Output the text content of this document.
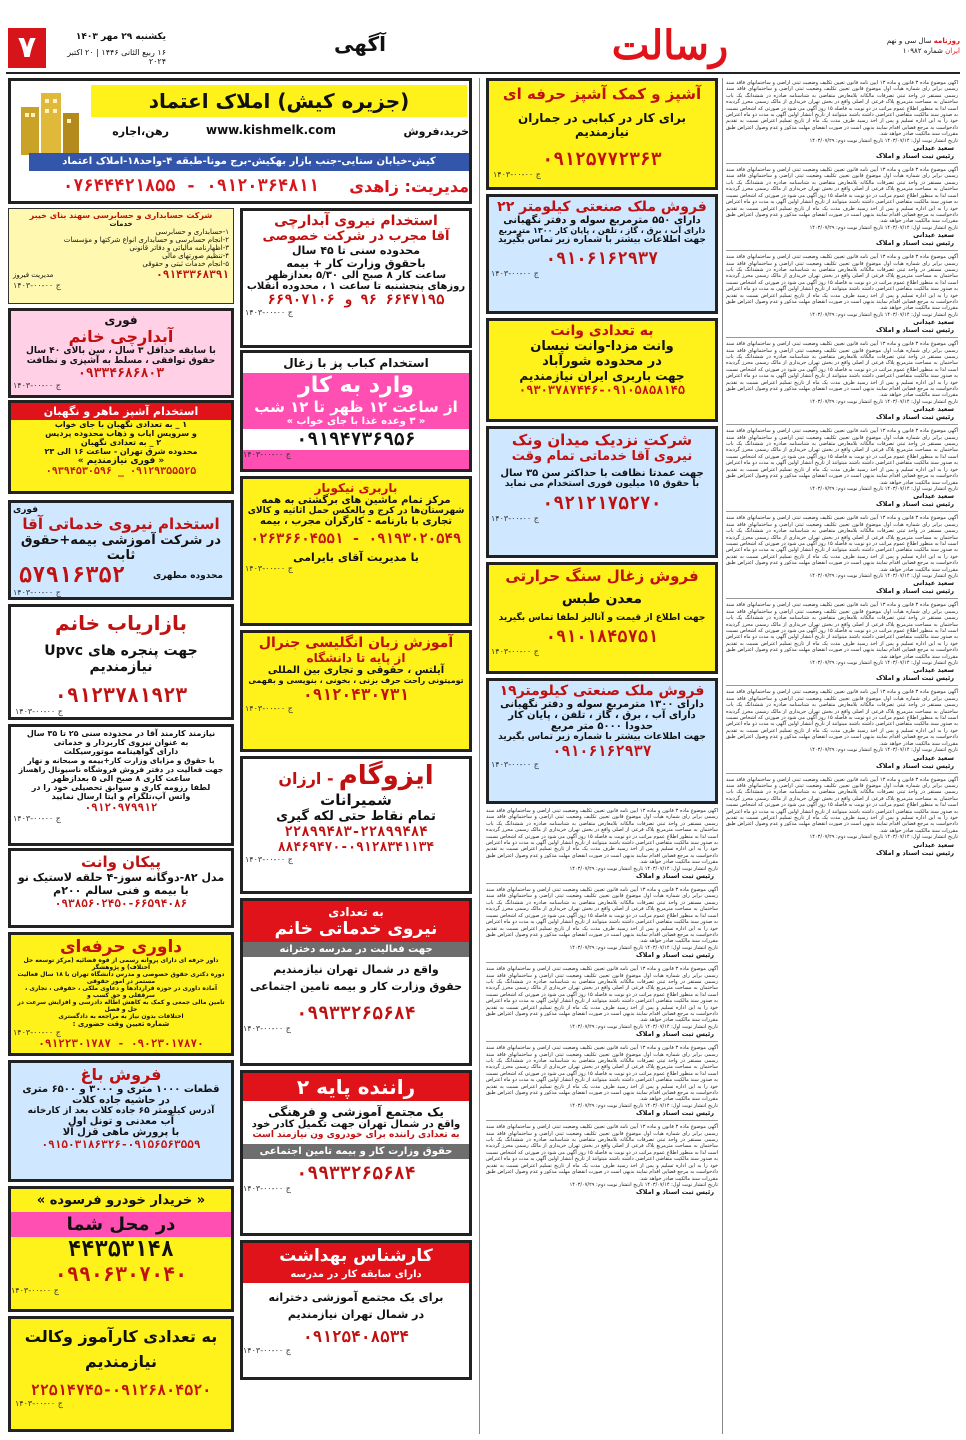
۷	یکشنبه ۲۹ مهر ۱۴۰۳
۱۶ ربیع الثانی ۱۴۴۶ | ۲۰ اکتبر ۲۰۲۴
آگهی	رسالت	روزنامه سال سی و نهم
ایران شماره ۱۰۹۸۲
(جزیره کیش) املاک اعتماد
خرید،فروش
www.kishmelk.com
رهن،اجاره
کیش-خیابان سنایی-جنب بازار بهکیش-برج مونا-طبقه ۴-واحد۱۸-املاک اعتماد
مدیریت: زاهدی
۰۹۱۲۰۳۶۴۸۱۱ - ۰۷۶۴۴۴۲۱۸۵۵
شرکت حسابداری و حسابرسی سهند بنای خیبر
خدمات
۱-حسابداری و حسابرسی
۲-انجام حسابرسی و حسابداری انواع شرکتها و مؤسسات
۳-اظهارنامه مالیاتی و دفاتر قانونی
۴-تنظیم صورتهای مالی
۵-انجام خدمات ثبتی و حقوقی
۰۹۱۴۳۳۶۸۳۹۱
مدیریت فیروز
ج ۰۰-۰۰-۱۴۰۳
فوری
آبدارچی خانم
با سابقه حداقل ۳ سال ، سن بالای ۴۰ سال
حقوق توافقی ، مسلط به آشپزی و نظافت
۰۹۳۳۴۶۸۶۸۰۳
ج ۰۰-۰۰-۱۴۰۳
استخدام آشپز ماهر و نگهبان
۱ _ به تعدادی نگهبان با جای خواب
و سرویس ایاب و ذهاب محدوده پردیس
۲ _ به تعدادی نگهبان
محدوده شرق تهران - ساعت ۱۶ الی ۲۳
« فوری نیازمندیم »
۰۹۱۲۹۳۵۵۵۲۵ _ ۰۹۳۹۴۵۳۰۵۹۶
فوری
استخدام نیروی خدماتی آقا
در شرکت آموزشی بیمه+حقوق ثابت
محدوده مطهری
۵۷۹۱۶۳۵۲
ج ۰۰-۰۰-۱۴۰۳
بازاریاب خانم
جهت پنجره های Upvc نیازمندیم
۰۹۱۲۳۷۸۱۹۲۳
ج ۰۰-۰۰-۱۴۰۳
نیازمند کارمند آقا در محدوده سنی ۲۵ تا ۳۵ سال
به عنوان نیروی کاربردار و خدماتی
دارای گواهینامه موتورسیکلت
با حقوق و مزایای وزارت کار+بیمه و صبحانه و نهار
جهت فعالیت در دفتر فروش فروشگاه ناسیونال راهساز
ساعت کاری ۸ صبح الی ۵ بعدازظهر
لطفا رزومه کاری و سوابق تحصیلی خود را در
واتس آپ،تلگرام و ایتا ارسال نمایید
۰۹۱۲۰۹۷۹۹۱۲
ج ۰۰-۰۰-۱۴۰۳
پیکان وانت
مدل ۸۲-دوگانه سوز-۴ حلقه لاستیک نو
با بیمه و فنی سالم ۲۰۰م
۰۹۳۸۵۶۰۲۴۵۰-۶۶۵۹۴۰۸۶
داوری حرفه‌ای
داور حرفه ای دارای پروانه رسمی از قوه قضائیه (مرکز توسعه حل اختلاف) و پژوهشگر
دوره دکتری حقوق خصوصی و مدرس دانشگاه تهران با ۱۸ سال فعالیت مستمر در امور حقوقی
آماده داوری در حوزه قراردادها و دعاوی ملکی ، حقوقی ، تجاری ، سرقفلی و حق کسب و
تامین مالی جمعی و کمک به کاهش اطاله دادرسی و افزایش سرعت در حل و فصل
اختلافات بدون نیاز به مراجعه به دادگستری
شماره تعیین وقت حضوری :
ج ۰۰-۰۰-۱۴۰۳
۰۹۰۲۳۰۱۷۸۷۰ - ۰۹۱۲۲۳۰۱۷۸۷
فروش باغ
قطعات ۱۰۰۰ متری و ۳۰۰۰ و ۶۵۰۰ متری
در حاشیه جاده کلات
آدرس کیلومتر ۶۵ جاده کلات بعد از کارخانه
آب معدنی و تونل اول
با پرورش ماهی قزل آلا
۰۹۱۵۰۳۱۸۶۳۲۶-۰۹۱۵۶۵۶۳۵۵۹
« خریدار خودرو فرسوده »
در محل شما
۴۴۳۵۳۱۴۸
۰۹۹۰۶۳۰۷۰۴۰
ج ۰۰-۰۰-۱۴۰۳
به تعدادی کارآموز وکالت
نیازمندیم
۲۲۵۱۴۷۴۵-۰۹۱۲۶۸۰۴۵۲۰
ج ۰۰-۰۰-۱۴۰۳
استخدام نیروی آبدارچی
آقا مجرب در شرکت خصوصی
محدوده سنی تا ۴۵ سال
باحقوق وزارت کار + بیمه
ساعت کار ۸ صبح الی ۵/۳۰ بعدازظهر
روزهای پنجشنبه تا ساعت ۱ ، محدوده انقلاب
۶۶۴۷۱۹۵ ۹۶ و ۶۶۹۰۷۱۰۶
ج ۰۰-۰۰-۱۴۰۳
استخدام کباب پز با زغال
وارد به کار
از ساعت ۱۲ ظهر تا ۱۲ شب
« ۳ وعده غذا با جای خواب »
۰۹۱۹۴۷۳۶۹۵۶
ج ۰۰-۰۰-۱۴۰۳
باربری نیکوبار
مرکز تمام ماشین های برگشتی به همه
شهرستان‌ها در کرج و بالعکس حمل اثاثیه و کالای
تجاری با بارنامه - کارگران مجرب ، بیمه
۰۹۱۹۳۰۲۰۵۴۹ - ۰۲۶۳۶۶۰۴۵۵۱
با مدیریت آقای بایرامی
ج ۰۰-۰۰-۱۴۰۳
آموزش زبان انگلیسی جنرال
از پایه تا دانشگاه
آیلتس ، حقوقی و تجاری بین المللی
تومیتونی راحت حرف بزنی ، بخونی ، بنویسی و بفهمی
۰۹۱۲۰۴۳۰۷۳۱
ج ۰۰-۰۰-۱۴۰۳
ایزوگام - ارزان
شمیرانات
تمام نقاط حتی لکه گیری
۲۲۸۹۹۴۸۳-۲۲۸۹۹۴۸۴
۸۸۴۶۹۴۷۰-۰۹۱۲۸۳۴۱۱۳۴
ج ۰۰-۰۰-۱۴۰۳
به تعدادی
نیروی خدماتی خانم
جهت فعالیت در مدرسه دخترانه
واقع در شمال تهران نیازمندیم
حقوق وزارت کار و بیمه تامین اجتماعی
۰۹۹۳۳۲۶۵۶۸۴
ج ۰۰-۰۰-۱۴۰۳
راننده پایه ۲
یک مجتمع آموزشی و فرهنگی
واقع در شمال تهران جهت تکمیل کادر خود
به تعدادی راننده برای خودروی ون نیازمند است
حقوق وزارت کار و بیمه تامین اجتماعی
۰۹۹۳۳۲۶۵۶۸۴
ج ۰۰-۰۰-۱۴۰۳
کارشناس بهداشت
دارای سابقه کار در مدرسه
برای یک مجتمع آموزشی دخترانه
در شمال تهران نیازمندیم
۰۹۱۲۵۴۰۸۵۳۴
ج ۰۰-۰۰-۱۴۰۳
آشپز و کمک آشپز حرفه ای
برای کار در کبابی در جماران نیازمندیم
۰۹۱۲۵۷۷۲۳۶۳
ج ۰۰-۰۰-۱۴۰۳
فروش ملک صنعتی کیلومتر ۲۲
دارای ۵۵۰ مترمربع سوله و دفتر نگهبانی
دارای آب ، برق ، گاز ، تلفن ، پایان کار ۱۳۰۰ مترمربع
جهت اطلاعات بیشتر با شماره زیر تماس بگیرید
۰۹۱۰۶۱۶۲۹۳۷
ج ۰۰-۰۰-۱۴۰۳
به تعدادی وانت
وانت مزدا-وانت نیسان
در محدوده شورآباد
جهت باربری ایران نیازمندیم
۰۹۳۰۳۷۸۷۴۴۶-۰۹۱۰۵۸۵۸۱۴۵
شرکت نزدیک میدان ونک
نیروی آقا خدماتی تمام وقت
جهت عمدتا نظافت با حداکثر سن ۳۵ سال
با حقوق ۱۵ میلیون فوری استخدام می نماید
۰۹۲۱۲۱۷۵۲۷۰
ج ۰۰-۰۰-۱۴۰۳
فروش زغال سنگ حرارتی
معدن طبس
جهت اطلاع از قیمت و آنالیز لطفا تماس بگیرید
۰۹۱۰۱۸۴۵۷۵۱
ج ۰۰-۰۰-۱۴۰۳
فروش ملک صنعتی کیلومتر۱۹
دارای ۱۳۰۰ مترمربع سوله و دفتر نگهبانی
دارای آب ، برق ، گاز ، تلفن ، پایان کار
حدودا ۵۰۰۰ متر مربع
جهت اطلاعات بیشتر با شماره زیر تماس بگیرید
۰۹۱۰۶۱۶۲۹۳۷
ج ۰۰-۰۰-۱۴۰۳
آگهی موضوع ماده ۳ قانون و ماده ۱۳ آیین نامه قانون تعیین تکلیف وضعیت ثبتی اراضی و ساختمانهای فاقد سند رسمی برابر رای شماره هیات اول موضوع قانون تعیین تکلیف وضعیت ثبتی اراضی و ساختمانهای فاقد سند رسمی مستقر در واحد ثبتی تصرفات مالکانه بلامعارض متقاضی به شناسنامه صادره در ششدانگ یک باب ساختمان به مساحت مترمربع پلاک فرعی از اصلی واقع در بخش تهران خریداری از مالک رسمی محرز گردیده است لذا به منظور اطلاع عموم مراتب در دو نوبت به فاصله ۱۵ روز آگهی می شود در صورتی که اشخاص نسبت به صدور سند مالکیت متقاضی اعتراضی داشته باشند میتوانند از تاریخ انتشار اولین آگهی به مدت دو ماه اعتراض خود را به این اداره تسلیم و پس از اخذ رسید ظرف مدت یک ماه از تاریخ تسلیم اعتراض نسبت به تقدیم دادخواست به مرجع قضایی اقدام نمایند بدیهی است در صورت انقضای مهلت مذکور و عدم وصول اعتراض طبق مقررات سند مالکیت صادر خواهد شد.
تاریخ انتشار نوبت اول: ۱۴۰۳/۰۷/۱۴ تاریخ انتشار نوبت دوم: ۱۴۰۳/۰۷/۲۹
رئیس ثبت اسناد و املاک
آگهی موضوع ماده ۳ قانون و ماده ۱۳ آیین نامه قانون تعیین تکلیف وضعیت ثبتی اراضی و ساختمانهای فاقد سند رسمی برابر رای شماره هیات اول موضوع قانون تعیین تکلیف وضعیت ثبتی اراضی و ساختمانهای فاقد سند رسمی مستقر در واحد ثبتی تصرفات مالکانه بلامعارض متقاضی به شناسنامه صادره در ششدانگ یک باب ساختمان به مساحت مترمربع پلاک فرعی از اصلی واقع در بخش تهران خریداری از مالک رسمی محرز گردیده است لذا به منظور اطلاع عموم مراتب در دو نوبت به فاصله ۱۵ روز آگهی می شود در صورتی که اشخاص نسبت به صدور سند مالکیت متقاضی اعتراضی داشته باشند میتوانند از تاریخ انتشار اولین آگهی به مدت دو ماه اعتراض خود را به این اداره تسلیم و پس از اخذ رسید ظرف مدت یک ماه از تاریخ تسلیم اعتراض نسبت به تقدیم دادخواست به مرجع قضایی اقدام نمایند بدیهی است در صورت انقضای مهلت مذکور و عدم وصول اعتراض طبق مقررات سند مالکیت صادر خواهد شد.
تاریخ انتشار نوبت اول: ۱۴۰۳/۰۷/۱۴ تاریخ انتشار نوبت دوم: ۱۴۰۳/۰۷/۲۹
رئیس ثبت اسناد و املاک
آگهی موضوع ماده ۳ قانون و ماده ۱۳ آیین نامه قانون تعیین تکلیف وضعیت ثبتی اراضی و ساختمانهای فاقد سند رسمی برابر رای شماره هیات اول موضوع قانون تعیین تکلیف وضعیت ثبتی اراضی و ساختمانهای فاقد سند رسمی مستقر در واحد ثبتی تصرفات مالکانه بلامعارض متقاضی به شناسنامه صادره در ششدانگ یک باب ساختمان به مساحت مترمربع پلاک فرعی از اصلی واقع در بخش تهران خریداری از مالک رسمی محرز گردیده است لذا به منظور اطلاع عموم مراتب در دو نوبت به فاصله ۱۵ روز آگهی می شود در صورتی که اشخاص نسبت به صدور سند مالکیت متقاضی اعتراضی داشته باشند میتوانند از تاریخ انتشار اولین آگهی به مدت دو ماه اعتراض خود را به این اداره تسلیم و پس از اخذ رسید ظرف مدت یک ماه از تاریخ تسلیم اعتراض نسبت به تقدیم دادخواست به مرجع قضایی اقدام نمایند بدیهی است در صورت انقضای مهلت مذکور و عدم وصول اعتراض طبق مقررات سند مالکیت صادر خواهد شد.
تاریخ انتشار نوبت اول: ۱۴۰۳/۰۷/۱۴ تاریخ انتشار نوبت دوم: ۱۴۰۳/۰۷/۲۹
رئیس ثبت اسناد و املاک
آگهی موضوع ماده ۳ قانون و ماده ۱۳ آیین نامه قانون تعیین تکلیف وضعیت ثبتی اراضی و ساختمانهای فاقد سند رسمی برابر رای شماره هیات اول موضوع قانون تعیین تکلیف وضعیت ثبتی اراضی و ساختمانهای فاقد سند رسمی مستقر در واحد ثبتی تصرفات مالکانه بلامعارض متقاضی به شناسنامه صادره در ششدانگ یک باب ساختمان به مساحت مترمربع پلاک فرعی از اصلی واقع در بخش تهران خریداری از مالک رسمی محرز گردیده است لذا به منظور اطلاع عموم مراتب در دو نوبت به فاصله ۱۵ روز آگهی می شود در صورتی که اشخاص نسبت به صدور سند مالکیت متقاضی اعتراضی داشته باشند میتوانند از تاریخ انتشار اولین آگهی به مدت دو ماه اعتراض خود را به این اداره تسلیم و پس از اخذ رسید ظرف مدت یک ماه از تاریخ تسلیم اعتراض نسبت به تقدیم دادخواست به مرجع قضایی اقدام نمایند بدیهی است در صورت انقضای مهلت مذکور و عدم وصول اعتراض طبق مقررات سند مالکیت صادر خواهد شد.
تاریخ انتشار نوبت اول: ۱۴۰۳/۰۷/۱۴ تاریخ انتشار نوبت دوم: ۱۴۰۳/۰۷/۲۹
رئیس ثبت اسناد و املاک
آگهی موضوع ماده ۳ قانون و ماده ۱۳ آیین نامه قانون تعیین تکلیف وضعیت ثبتی اراضی و ساختمانهای فاقد سند رسمی برابر رای شماره هیات اول موضوع قانون تعیین تکلیف وضعیت ثبتی اراضی و ساختمانهای فاقد سند رسمی مستقر در واحد ثبتی تصرفات مالکانه بلامعارض متقاضی به شناسنامه صادره در ششدانگ یک باب ساختمان به مساحت مترمربع پلاک فرعی از اصلی واقع در بخش تهران خریداری از مالک رسمی محرز گردیده است لذا به منظور اطلاع عموم مراتب در دو نوبت به فاصله ۱۵ روز آگهی می شود در صورتی که اشخاص نسبت به صدور سند مالکیت متقاضی اعتراضی داشته باشند میتوانند از تاریخ انتشار اولین آگهی به مدت دو ماه اعتراض خود را به این اداره تسلیم و پس از اخذ رسید ظرف مدت یک ماه از تاریخ تسلیم اعتراض نسبت به تقدیم دادخواست به مرجع قضایی اقدام نمایند بدیهی است در صورت انقضای مهلت مذکور و عدم وصول اعتراض طبق مقررات سند مالکیت صادر خواهد شد.
تاریخ انتشار نوبت اول: ۱۴۰۳/۰۷/۱۴ تاریخ انتشار نوبت دوم: ۱۴۰۳/۰۷/۲۹
رئیس ثبت اسناد و املاک
آگهی موضوع ماده ۳ قانون و ماده ۱۳ آیین نامه قانون تعیین تکلیف وضعیت ثبتی اراضی و ساختمانهای فاقد سند رسمی برابر رای شماره هیات اول موضوع قانون تعیین تکلیف وضعیت ثبتی اراضی و ساختمانهای فاقد سند رسمی مستقر در واحد ثبتی تصرفات مالکانه بلامعارض متقاضی به شناسنامه صادره در ششدانگ یک باب ساختمان به مساحت مترمربع پلاک فرعی از اصلی واقع در بخش تهران خریداری از مالک رسمی محرز گردیده است لذا به منظور اطلاع عموم مراتب در دو نوبت به فاصله ۱۵ روز آگهی می شود در صورتی که اشخاص نسبت به صدور سند مالکیت متقاضی اعتراضی داشته باشند میتوانند از تاریخ انتشار اولین آگهی به مدت دو ماه اعتراض خود را به این اداره تسلیم و پس از اخذ رسید ظرف مدت یک ماه از تاریخ تسلیم اعتراض نسبت به تقدیم دادخواست به مرجع قضایی اقدام نمایند بدیهی است در صورت انقضای مهلت مذکور و عدم وصول اعتراض طبق مقررات سند مالکیت صادر خواهد شد.
تاریخ انتشار نوبت اول: ۱۴۰۳/۰۷/۱۴ تاریخ انتشار نوبت دوم: ۱۴۰۳/۰۷/۲۹
سعید عیدانی
رئیس ثبت اسناد و املاک
آگهی موضوع ماده ۳ قانون و ماده ۱۳ آیین نامه قانون تعیین تکلیف وضعیت ثبتی اراضی و ساختمانهای فاقد سند رسمی برابر رای شماره هیات اول موضوع قانون تعیین تکلیف وضعیت ثبتی اراضی و ساختمانهای فاقد سند رسمی مستقر در واحد ثبتی تصرفات مالکانه بلامعارض متقاضی به شناسنامه صادره در ششدانگ یک باب ساختمان به مساحت مترمربع پلاک فرعی از اصلی واقع در بخش تهران خریداری از مالک رسمی محرز گردیده است لذا به منظور اطلاع عموم مراتب در دو نوبت به فاصله ۱۵ روز آگهی می شود در صورتی که اشخاص نسبت به صدور سند مالکیت متقاضی اعتراضی داشته باشند میتوانند از تاریخ انتشار اولین آگهی به مدت دو ماه اعتراض خود را به این اداره تسلیم و پس از اخذ رسید ظرف مدت یک ماه از تاریخ تسلیم اعتراض نسبت به تقدیم دادخواست به مرجع قضایی اقدام نمایند بدیهی است در صورت انقضای مهلت مذکور و عدم وصول اعتراض طبق مقررات سند مالکیت صادر خواهد شد.
تاریخ انتشار نوبت اول: ۱۴۰۳/۰۷/۱۴ تاریخ انتشار نوبت دوم: ۱۴۰۳/۰۷/۲۹
سعید عیدانی
رئیس ثبت اسناد و املاک
آگهی موضوع ماده ۳ قانون و ماده ۱۳ آیین نامه قانون تعیین تکلیف وضعیت ثبتی اراضی و ساختمانهای فاقد سند رسمی برابر رای شماره هیات اول موضوع قانون تعیین تکلیف وضعیت ثبتی اراضی و ساختمانهای فاقد سند رسمی مستقر در واحد ثبتی تصرفات مالکانه بلامعارض متقاضی به شناسنامه صادره در ششدانگ یک باب ساختمان به مساحت مترمربع پلاک فرعی از اصلی واقع در بخش تهران خریداری از مالک رسمی محرز گردیده است لذا به منظور اطلاع عموم مراتب در دو نوبت به فاصله ۱۵ روز آگهی می شود در صورتی که اشخاص نسبت به صدور سند مالکیت متقاضی اعتراضی داشته باشند میتوانند از تاریخ انتشار اولین آگهی به مدت دو ماه اعتراض خود را به این اداره تسلیم و پس از اخذ رسید ظرف مدت یک ماه از تاریخ تسلیم اعتراض نسبت به تقدیم دادخواست به مرجع قضایی اقدام نمایند بدیهی است در صورت انقضای مهلت مذکور و عدم وصول اعتراض طبق مقررات سند مالکیت صادر خواهد شد.
تاریخ انتشار نوبت اول: ۱۴۰۳/۰۷/۱۴ تاریخ انتشار نوبت دوم: ۱۴۰۳/۰۷/۲۹
سعید عیدانی
رئیس ثبت اسناد و املاک
آگهی موضوع ماده ۳ قانون و ماده ۱۳ آیین نامه قانون تعیین تکلیف وضعیت ثبتی اراضی و ساختمانهای فاقد سند رسمی برابر رای شماره هیات اول موضوع قانون تعیین تکلیف وضعیت ثبتی اراضی و ساختمانهای فاقد سند رسمی مستقر در واحد ثبتی تصرفات مالکانه بلامعارض متقاضی به شناسنامه صادره در ششدانگ یک باب ساختمان به مساحت مترمربع پلاک فرعی از اصلی واقع در بخش تهران خریداری از مالک رسمی محرز گردیده است لذا به منظور اطلاع عموم مراتب در دو نوبت به فاصله ۱۵ روز آگهی می شود در صورتی که اشخاص نسبت به صدور سند مالکیت متقاضی اعتراضی داشته باشند میتوانند از تاریخ انتشار اولین آگهی به مدت دو ماه اعتراض خود را به این اداره تسلیم و پس از اخذ رسید ظرف مدت یک ماه از تاریخ تسلیم اعتراض نسبت به تقدیم دادخواست به مرجع قضایی اقدام نمایند بدیهی است در صورت انقضای مهلت مذکور و عدم وصول اعتراض طبق مقررات سند مالکیت صادر خواهد شد.
تاریخ انتشار نوبت اول: ۱۴۰۳/۰۷/۱۴ تاریخ انتشار نوبت دوم: ۱۴۰۳/۰۷/۲۹
سعید عیدانی
رئیس ثبت اسناد و املاک
آگهی موضوع ماده ۳ قانون و ماده ۱۳ آیین نامه قانون تعیین تکلیف وضعیت ثبتی اراضی و ساختمانهای فاقد سند رسمی برابر رای شماره هیات اول موضوع قانون تعیین تکلیف وضعیت ثبتی اراضی و ساختمانهای فاقد سند رسمی مستقر در واحد ثبتی تصرفات مالکانه بلامعارض متقاضی به شناسنامه صادره در ششدانگ یک باب ساختمان به مساحت مترمربع پلاک فرعی از اصلی واقع در بخش تهران خریداری از مالک رسمی محرز گردیده است لذا به منظور اطلاع عموم مراتب در دو نوبت به فاصله ۱۵ روز آگهی می شود در صورتی که اشخاص نسبت به صدور سند مالکیت متقاضی اعتراضی داشته باشند میتوانند از تاریخ انتشار اولین آگهی به مدت دو ماه اعتراض خود را به این اداره تسلیم و پس از اخذ رسید ظرف مدت یک ماه از تاریخ تسلیم اعتراض نسبت به تقدیم دادخواست به مرجع قضایی اقدام نمایند بدیهی است در صورت انقضای مهلت مذکور و عدم وصول اعتراض طبق مقررات سند مالکیت صادر خواهد شد.
تاریخ انتشار نوبت اول: ۱۴۰۳/۰۷/۱۴ تاریخ انتشار نوبت دوم: ۱۴۰۳/۰۷/۲۹
سعید عیدانی
رئیس ثبت اسناد و املاک
آگهی موضوع ماده ۳ قانون و ماده ۱۳ آیین نامه قانون تعیین تکلیف وضعیت ثبتی اراضی و ساختمانهای فاقد سند رسمی برابر رای شماره هیات اول موضوع قانون تعیین تکلیف وضعیت ثبتی اراضی و ساختمانهای فاقد سند رسمی مستقر در واحد ثبتی تصرفات مالکانه بلامعارض متقاضی به شناسنامه صادره در ششدانگ یک باب ساختمان به مساحت مترمربع پلاک فرعی از اصلی واقع در بخش تهران خریداری از مالک رسمی محرز گردیده است لذا به منظور اطلاع عموم مراتب در دو نوبت به فاصله ۱۵ روز آگهی می شود در صورتی که اشخاص نسبت به صدور سند مالکیت متقاضی اعتراضی داشته باشند میتوانند از تاریخ انتشار اولین آگهی به مدت دو ماه اعتراض خود را به این اداره تسلیم و پس از اخذ رسید ظرف مدت یک ماه از تاریخ تسلیم اعتراض نسبت به تقدیم دادخواست به مرجع قضایی اقدام نمایند بدیهی است در صورت انقضای مهلت مذکور و عدم وصول اعتراض طبق مقررات سند مالکیت صادر خواهد شد.
تاریخ انتشار نوبت اول: ۱۴۰۳/۰۷/۱۴ تاریخ انتشار نوبت دوم: ۱۴۰۳/۰۷/۲۹
سعید عیدانی
رئیس ثبت اسناد و املاک
آگهی موضوع ماده ۳ قانون و ماده ۱۳ آیین نامه قانون تعیین تکلیف وضعیت ثبتی اراضی و ساختمانهای فاقد سند رسمی برابر رای شماره هیات اول موضوع قانون تعیین تکلیف وضعیت ثبتی اراضی و ساختمانهای فاقد سند رسمی مستقر در واحد ثبتی تصرفات مالکانه بلامعارض متقاضی به شناسنامه صادره در ششدانگ یک باب ساختمان به مساحت مترمربع پلاک فرعی از اصلی واقع در بخش تهران خریداری از مالک رسمی محرز گردیده است لذا به منظور اطلاع عموم مراتب در دو نوبت به فاصله ۱۵ روز آگهی می شود در صورتی که اشخاص نسبت به صدور سند مالکیت متقاضی اعتراضی داشته باشند میتوانند از تاریخ انتشار اولین آگهی به مدت دو ماه اعتراض خود را به این اداره تسلیم و پس از اخذ رسید ظرف مدت یک ماه از تاریخ تسلیم اعتراض نسبت به تقدیم دادخواست به مرجع قضایی اقدام نمایند بدیهی است در صورت انقضای مهلت مذکور و عدم وصول اعتراض طبق مقررات سند مالکیت صادر خواهد شد.
تاریخ انتشار نوبت اول: ۱۴۰۳/۰۷/۱۴ تاریخ انتشار نوبت دوم: ۱۴۰۳/۰۷/۲۹
سعید عیدانی
رئیس ثبت اسناد و املاک
آگهی موضوع ماده ۳ قانون و ماده ۱۳ آیین نامه قانون تعیین تکلیف وضعیت ثبتی اراضی و ساختمانهای فاقد سند رسمی برابر رای شماره هیات اول موضوع قانون تعیین تکلیف وضعیت ثبتی اراضی و ساختمانهای فاقد سند رسمی مستقر در واحد ثبتی تصرفات مالکانه بلامعارض متقاضی به شناسنامه صادره در ششدانگ یک باب ساختمان به مساحت مترمربع پلاک فرعی از اصلی واقع در بخش تهران خریداری از مالک رسمی محرز گردیده است لذا به منظور اطلاع عموم مراتب در دو نوبت به فاصله ۱۵ روز آگهی می شود در صورتی که اشخاص نسبت به صدور سند مالکیت متقاضی اعتراضی داشته باشند میتوانند از تاریخ انتشار اولین آگهی به مدت دو ماه اعتراض خود را به این اداره تسلیم و پس از اخذ رسید ظرف مدت یک ماه از تاریخ تسلیم اعتراض نسبت به تقدیم دادخواست به مرجع قضایی اقدام نمایند بدیهی است در صورت انقضای مهلت مذکور و عدم وصول اعتراض طبق مقررات سند مالکیت صادر خواهد شد.
تاریخ انتشار نوبت اول: ۱۴۰۳/۰۷/۱۴ تاریخ انتشار نوبت دوم: ۱۴۰۳/۰۷/۲۹
سعید عیدانی
رئیس ثبت اسناد و املاک
آگهی موضوع ماده ۳ قانون و ماده ۱۳ آیین نامه قانون تعیین تکلیف وضعیت ثبتی اراضی و ساختمانهای فاقد سند رسمی برابر رای شماره هیات اول موضوع قانون تعیین تکلیف وضعیت ثبتی اراضی و ساختمانهای فاقد سند رسمی مستقر در واحد ثبتی تصرفات مالکانه بلامعارض متقاضی به شناسنامه صادره در ششدانگ یک باب ساختمان به مساحت مترمربع پلاک فرعی از اصلی واقع در بخش تهران خریداری از مالک رسمی محرز گردیده است لذا به منظور اطلاع عموم مراتب در دو نوبت به فاصله ۱۵ روز آگهی می شود در صورتی که اشخاص نسبت به صدور سند مالکیت متقاضی اعتراضی داشته باشند میتوانند از تاریخ انتشار اولین آگهی به مدت دو ماه اعتراض خود را به این اداره تسلیم و پس از اخذ رسید ظرف مدت یک ماه از تاریخ تسلیم اعتراض نسبت به تقدیم دادخواست به مرجع قضایی اقدام نمایند بدیهی است در صورت انقضای مهلت مذکور و عدم وصول اعتراض طبق مقررات سند مالکیت صادر خواهد شد.
تاریخ انتشار نوبت اول: ۱۴۰۳/۰۷/۱۴ تاریخ انتشار نوبت دوم: ۱۴۰۳/۰۷/۲۹
سعید عیدانی
رئیس ثبت اسناد و املاک
